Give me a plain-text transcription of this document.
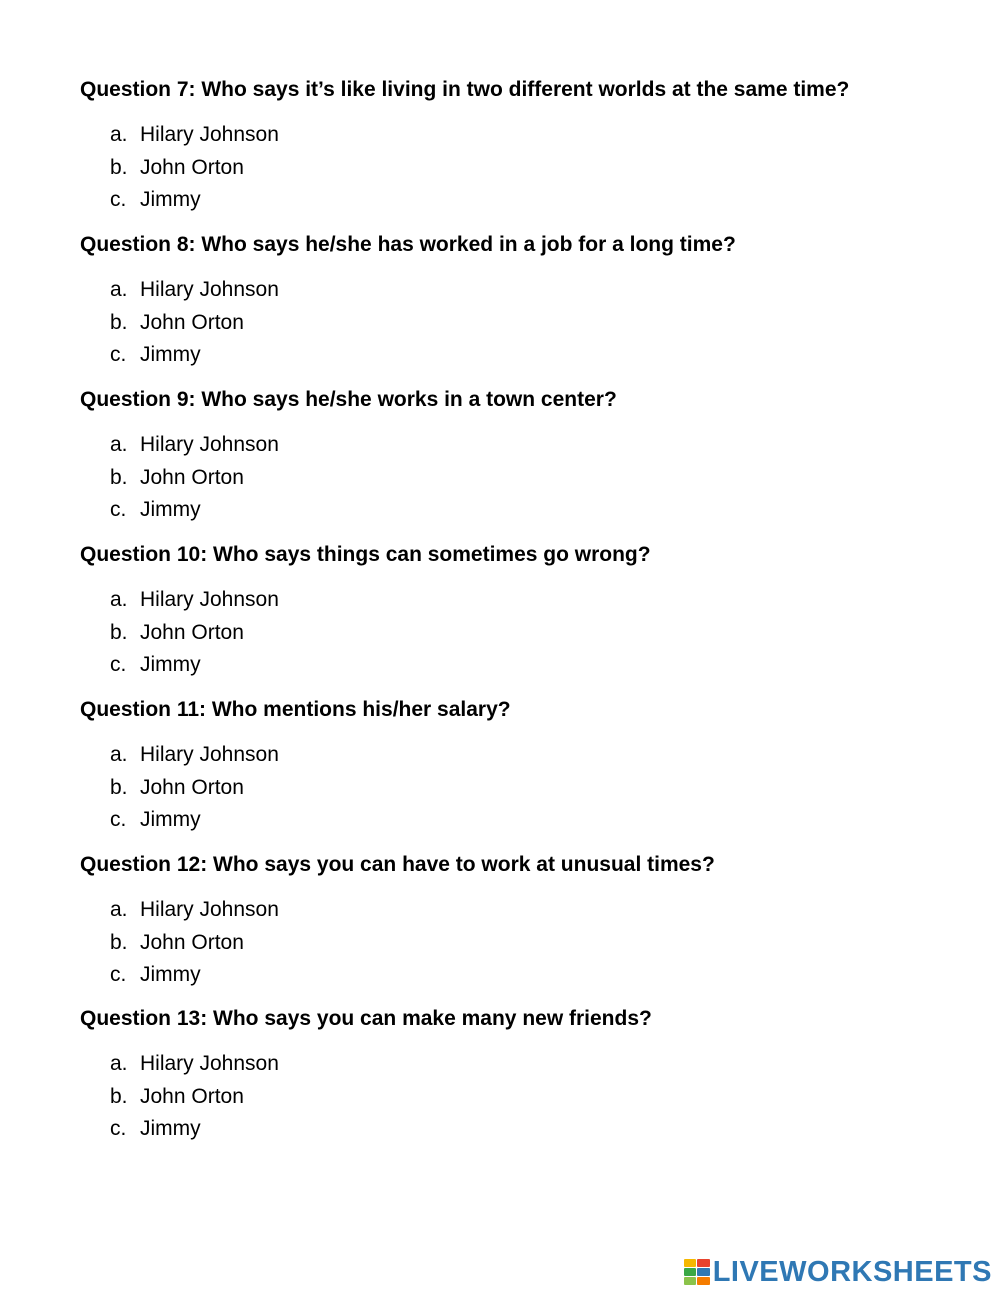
Question 7: Who says it’s like living in two different worlds at the same time?

a. Hilary Johnson
b. John Orton
c. Jimmy

Question 8: Who says he/she has worked in a job for a long time?

a. Hilary Johnson
b. John Orton
c. Jimmy

Question 9: Who says he/she works in a town center?

a. Hilary Johnson
b. John Orton
c. Jimmy

Question 10: Who says things can sometimes go wrong?

a. Hilary Johnson
b. John Orton
c. Jimmy

Question 11: Who mentions his/her salary?

a. Hilary Johnson
b. John Orton
c. Jimmy

Question 12: Who says you can have to work at unusual times?

a. Hilary Johnson
b. John Orton
c. Jimmy

Question 13: Who says you can make many new friends?

a. Hilary Johnson
b. John Orton
c. Jimmy
LIVEWORKSHEETS
